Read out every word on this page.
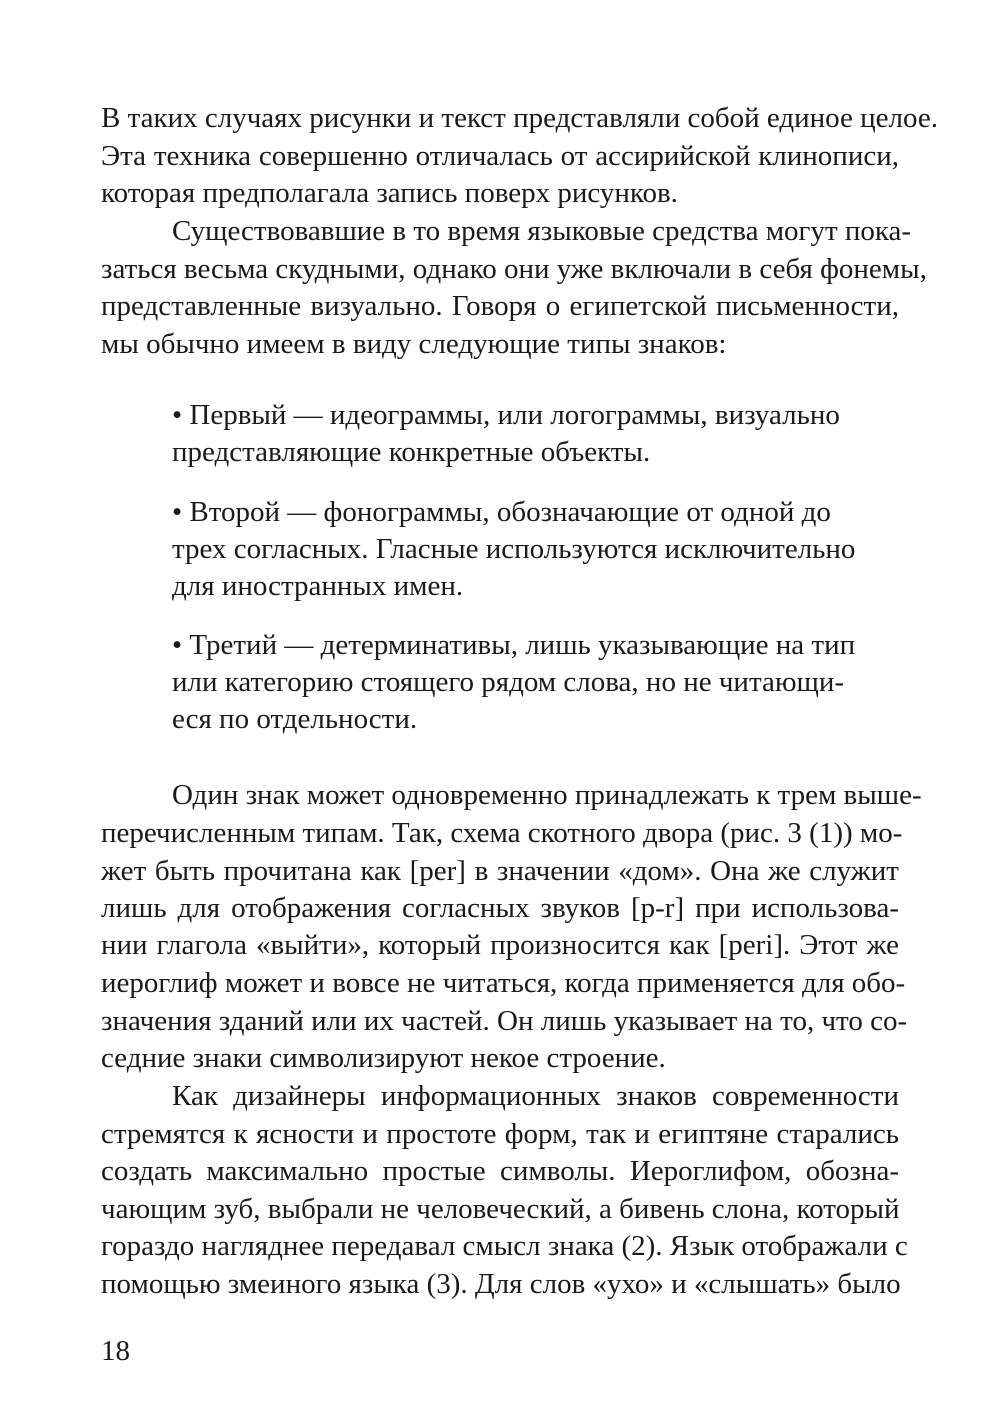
В таких случаях рисунки и текст представляли собой единое целое.
Эта техника совершенно отличалась от ассирийской клинописи,
которая предполагала запись поверх рисунков.
Существовавшие в то время языковые средства могут пока-
заться весьма скудными, однако они уже включали в себя фонемы,
представленные визуально. Говоря о египетской письменности,
мы обычно имеем в виду следующие типы знаков:
• Первый — идеограммы, или логограммы, визуально
представляющие конкретные объекты.
• Второй — фонограммы, обозначающие от одной до
трех согласных. Гласные используются исключительно
для иностранных имен.
• Третий — детерминативы, лишь указывающие на тип
или категорию стоящего рядом слова, но не читающи-
еся по отдельности.
Один знак может одновременно принадлежать к трем выше-
перечисленным типам. Так, схема скотного двора (рис. 3 (1)) мо-
жет быть прочитана как [per] в значении «дом». Она же служит
лишь для отображения согласных звуков [p-r] при использова-
нии глагола «выйти», который произносится как [peri]. Этот же
иероглиф может и вовсе не читаться, когда применяется для обо-
значения зданий или их частей. Он лишь указывает на то, что со-
седние знаки символизируют некое строение.
Как дизайнеры информационных знаков современности
стремятся к ясности и простоте форм, так и египтяне старались
создать максимально простые символы. Иероглифом, обозна-
чающим зуб, выбрали не человеческий, а бивень слона, который
гораздо нагляднее передавал смысл знака (2). Язык отображали с
помощью змеиного языка (3). Для слов «ухо» и «слышать» было
18
